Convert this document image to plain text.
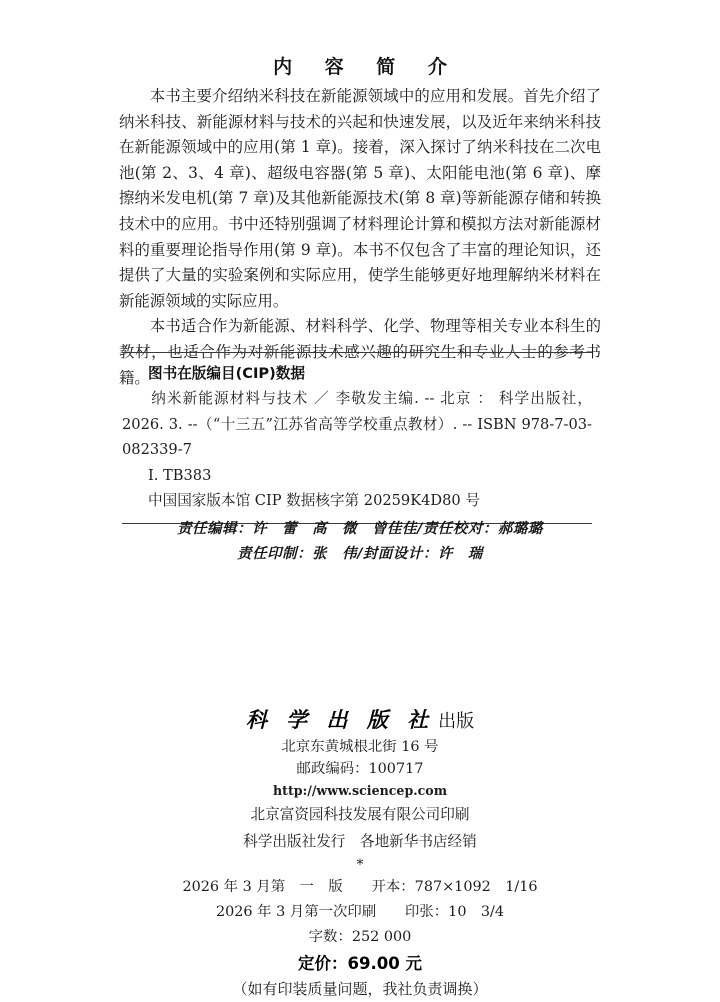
内 容 简 介

本书主要介绍纳米科技在新能源领域中的应用和发展。首先介绍了纳米科技、新能源材料与技术的兴起和快速发展，以及近年来纳米科技在新能源领域中的应用(第 1 章)。接着，深入探讨了纳米科技在二次电池(第 2、3、4 章)、超级电容器(第 5 章)、太阳能电池(第 6 章)、摩擦纳米发电机(第 7 章)及其他新能源技术(第 8 章)等新能源存储和转换技术中的应用。书中还特别强调了材料理论计算和模拟方法对新能源材料的重要理论指导作用(第 9 章)。本书不仅包含了丰富的理论知识，还提供了大量的实验案例和实际应用，使学生能够更好地理解纳米材料在新能源领域的实际应用。

本书适合作为新能源、材料科学、化学、物理等相关专业本科生的教材，也适合作为对新能源技术感兴趣的研究生和专业人士的参考书籍。

图书在版编目(CIP)数据
纳米新能源材料与技术 ／ 李敬发主编. -- 北京 ： 科学出版社，2026. 3. --（“十三五”江苏省高等学校重点教材）. -- ISBN 978-7-03-082339-7
Ⅰ. TB383
中国国家版本馆 CIP 数据核字第 20259K4D80 号
责任编辑：许　蕾　高　微　曾佳佳/责任校对：郝璐璐
责任印制：张　伟/封面设计：许　瑞
科 学 出 版 社 出版
北京东黄城根北街 16 号
邮政编码：100717
http://www.sciencep.com
北京富资园科技发展有限公司印刷
科学出版社发行　各地新华书店经销
*
2026 年 3 月第　一　版　　开本：787×1092　1/16
2026 年 3 月第一次印刷　　印张：10　3/4
字数：252 000
定价：69.00 元
（如有印装质量问题，我社负责调换）
